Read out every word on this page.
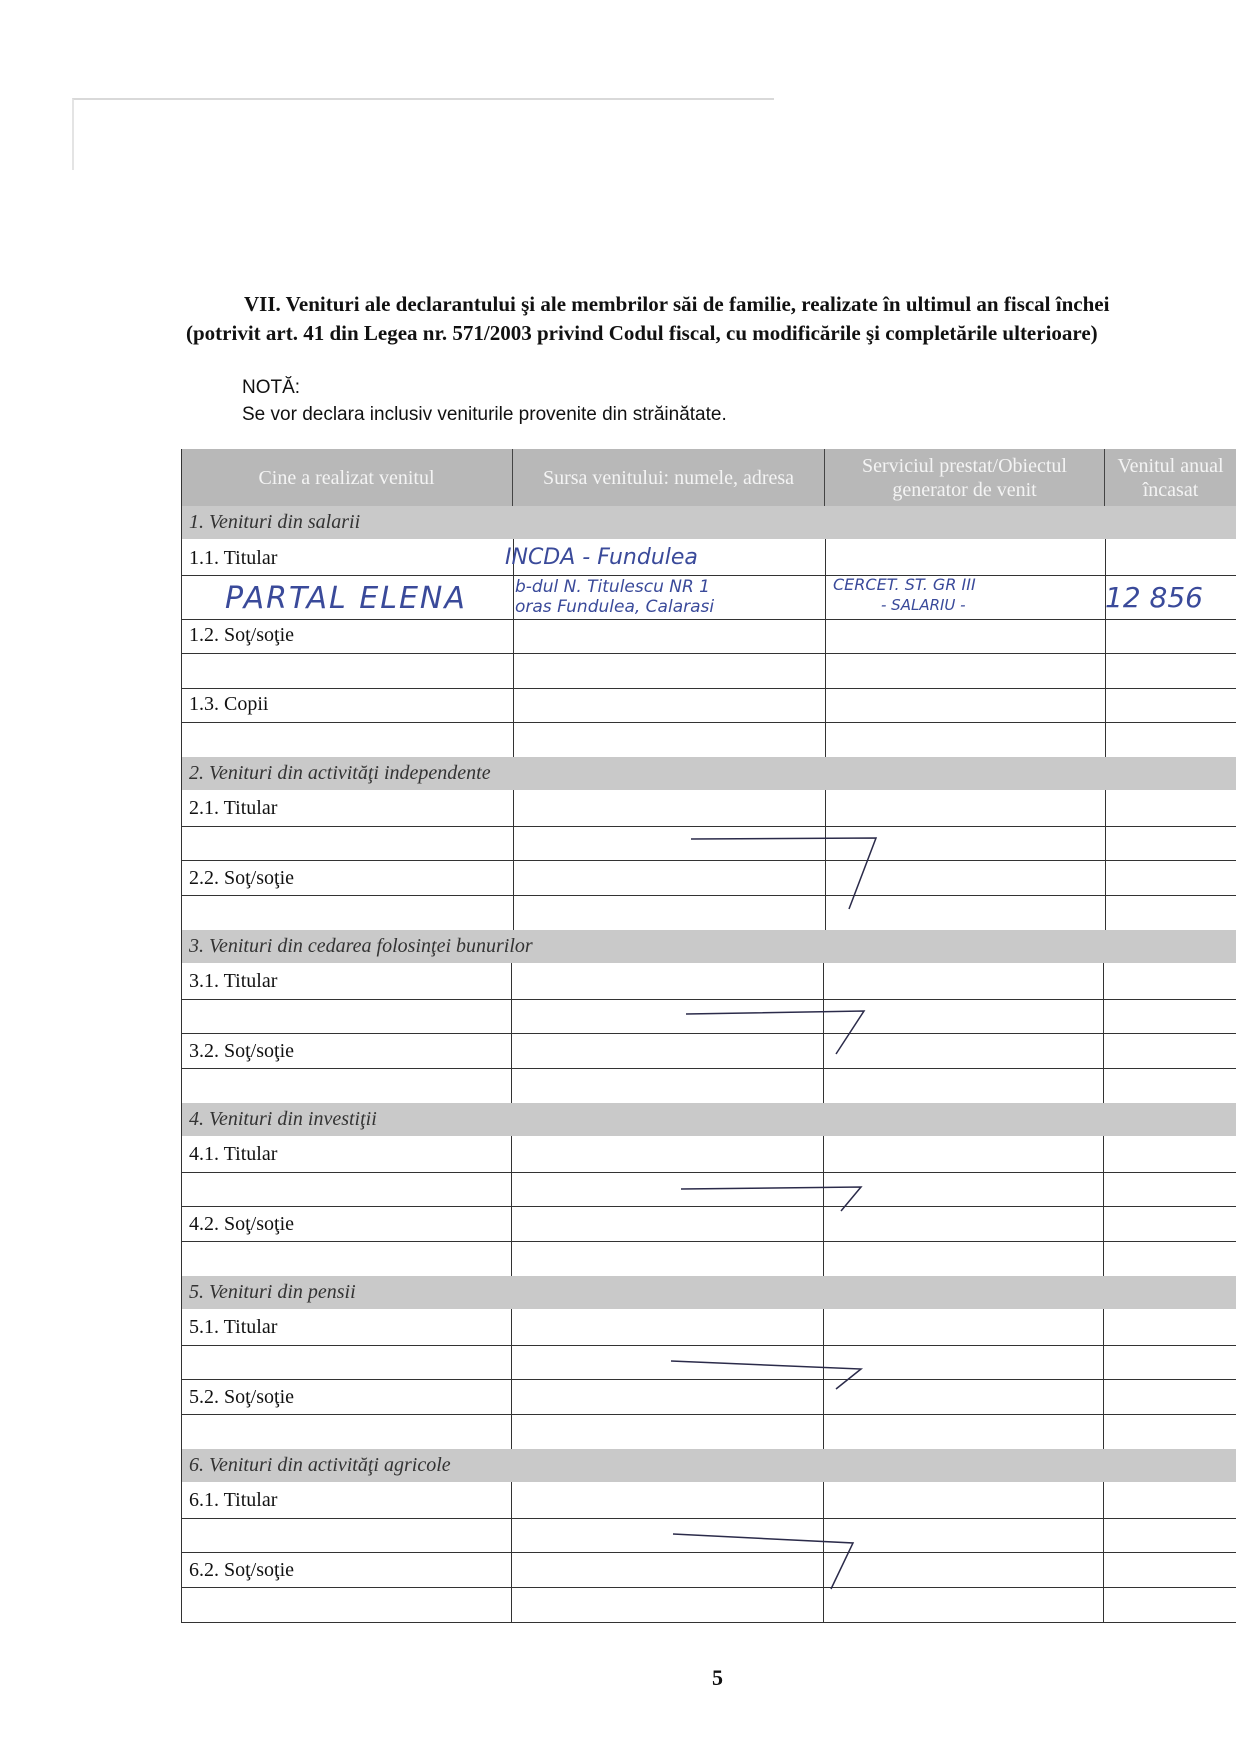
VII. Venituri ale declarantului şi ale membrilor săi de familie, realizate în ultimul an fiscal închei
(potrivit art. 41 din Legea nr. 571/2003 privind Codul fiscal, cu modificările şi completările ulterioare)
NOTĂ:
Se vor declara inclusiv veniturile provenite din străinătate.
Cine a realizat venitul	Sursa venitului: numele, adresa
Serviciul prestat/Obiectul generator de venit
Venitul anual încasat
1. Venituri din salarii
1.1. Titular
1.2. Soţ/soţie
1.3. Copii
2. Venituri din activităţi independente
2.1. Titular
2.2. Soţ/soţie
3. Venituri din cedarea folosinţei bunurilor
3.1. Titular
3.2. Soţ/soţie
4. Venituri din investiţii
4.1. Titular
4.2. Soţ/soţie
5. Venituri din pensii
5.1. Titular
5.2. Soţ/soţie
6. Venituri din activităţi agricole
6.1. Titular
6.2. Soţ/soţie
PARTAL ELENA
INCDA - Fundulea
b-dul N. Titulescu NR 1
oras Fundulea, Calarasi
CERCET. ST. GR III
- SALARIU -	12 856
5
